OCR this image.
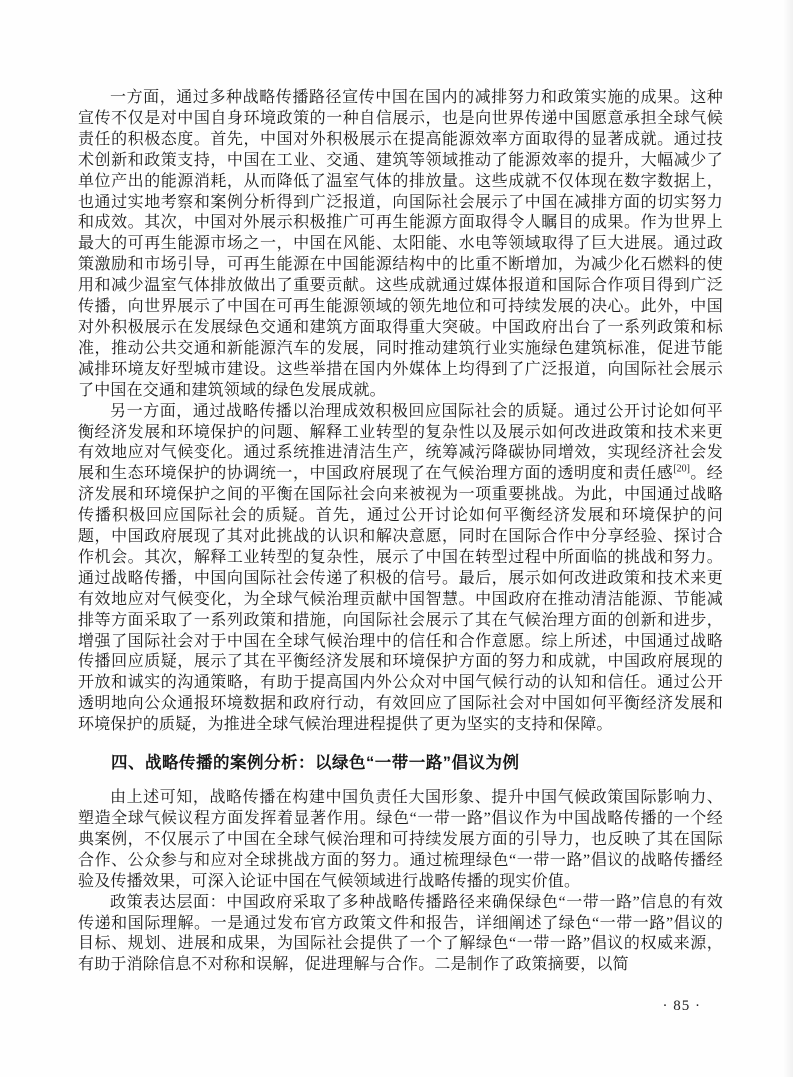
一方面，通过多种战略传播路径宣传中国在国内的减排努力和政策实施的成果。这种宣传不仅是对中国自身环境政策的一种自信展示，也是向世界传递中国愿意承担全球气候责任的积极态度。首先，中国对外积极展示在提高能源效率方面取得的显著成就。通过技术创新和政策支持，中国在工业、交通、建筑等领域推动了能源效率的提升，大幅减少了单位产出的能源消耗，从而降低了温室气体的排放量。这些成就不仅体现在数字数据上，也通过实地考察和案例分析得到广泛报道，向国际社会展示了中国在减排方面的切实努力和成效。其次，中国对外展示积极推广可再生能源方面取得令人瞩目的成果。作为世界上最大的可再生能源市场之一，中国在风能、太阳能、水电等领域取得了巨大进展。通过政策激励和市场引导，可再生能源在中国能源结构中的比重不断增加，为减少化石燃料的使用和减少温室气体排放做出了重要贡献。这些成就通过媒体报道和国际合作项目得到广泛传播，向世界展示了中国在可再生能源领域的领先地位和可持续发展的决心。此外，中国对外积极展示在发展绿色交通和建筑方面取得重大突破。中国政府出台了一系列政策和标准，推动公共交通和新能源汽车的发展，同时推动建筑行业实施绿色建筑标准，促进节能减排环境友好型城市建设。这些举措在国内外媒体上均得到了广泛报道，向国际社会展示了中国在交通和建筑领域的绿色发展成就。

另一方面，通过战略传播以治理成效积极回应国际社会的质疑。通过公开讨论如何平衡经济发展和环境保护的问题、解释工业转型的复杂性以及展示如何改进政策和技术来更有效地应对气候变化。通过系统推进清洁生产，统筹减污降碳协同增效，实现经济社会发展和生态环境保护的协调统一，中国政府展现了在气候治理方面的透明度和责任感[20]。经济发展和环境保护之间的平衡在国际社会向来被视为一项重要挑战。为此，中国通过战略传播积极回应国际社会的质疑。首先，通过公开讨论如何平衡经济发展和环境保护的问题，中国政府展现了其对此挑战的认识和解决意愿，同时在国际合作中分享经验、探讨合作机会。其次，解释工业转型的复杂性，展示了中国在转型过程中所面临的挑战和努力。通过战略传播，中国向国际社会传递了积极的信号。最后，展示如何改进政策和技术来更有效地应对气候变化，为全球气候治理贡献中国智慧。中国政府在推动清洁能源、节能减排等方面采取了一系列政策和措施，向国际社会展示了其在气候治理方面的创新和进步，增强了国际社会对于中国在全球气候治理中的信任和合作意愿。综上所述，中国通过战略传播回应质疑，展示了其在平衡经济发展和环境保护方面的努力和成就，中国政府展现的开放和诚实的沟通策略，有助于提高国内外公众对中国气候行动的认知和信任。通过公开透明地向公众通报环境数据和政府行动，有效回应了国际社会对中国如何平衡经济发展和环境保护的质疑，为推进全球气候治理进程提供了更为坚实的支持和保障。

四、战略传播的案例分析：以绿色“一带一路”倡议为例

由上述可知，战略传播在构建中国负责任大国形象、提升中国气候政策国际影响力、塑造全球气候议程方面发挥着显著作用。绿色“一带一路”倡议作为中国战略传播的一个经典案例，不仅展示了中国在全球气候治理和可持续发展方面的引导力，也反映了其在国际合作、公众参与和应对全球挑战方面的努力。通过梳理绿色“一带一路”倡议的战略传播经验及传播效果，可深入论证中国在气候领域进行战略传播的现实价值。

政策表达层面：中国政府采取了多种战略传播路径来确保绿色“一带一路”信息的有效传递和国际理解。一是通过发布官方政策文件和报告，详细阐述了绿色“一带一路”倡议的目标、规划、进展和成果，为国际社会提供了一个了解绿色“一带一路”倡议的权威来源，有助于消除信息不对称和误解，促进理解与合作。二是制作了政策摘要，以简

· 85 ·
